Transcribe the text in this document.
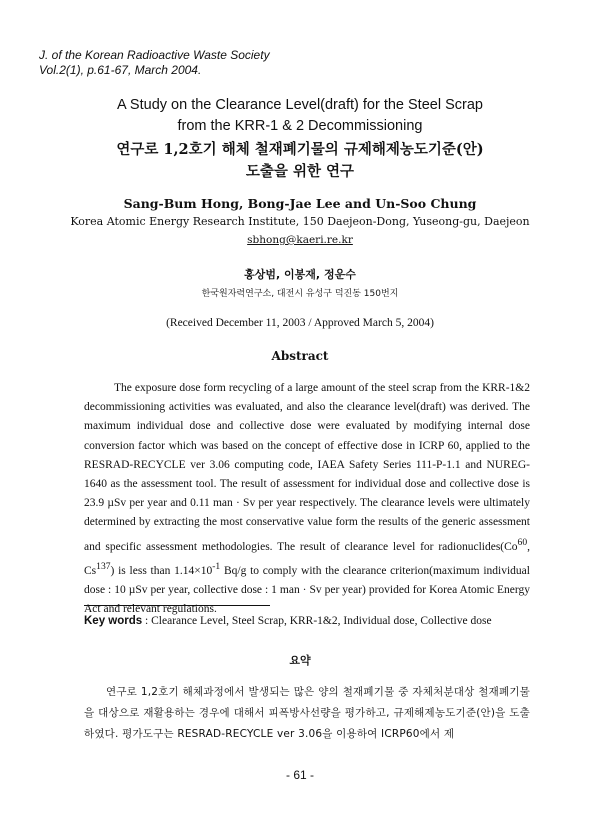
J. of the Korean Radioactive Waste Society
Vol.2(1), p.61-67, March 2004.
A Study on the Clearance Level(draft) for the Steel Scrap
from the KRR-1 & 2 Decommissioning
연구로 1,2호기 해체 철재폐기물의 규제해제농도기준(안)
도출을 위한 연구
Sang-Bum Hong, Bong-Jae Lee and Un-Soo Chung
Korea Atomic Energy Research Institute, 150 Daejeon-Dong, Yuseong-gu, Daejeon
sbhong@kaeri.re.kr
홍상범, 이봉재, 정운수
한국원자력연구소, 대전시 유성구 덕진동 150번지
(Received December 11, 2003 / Approved March 5, 2004)
Abstract

The exposure dose form recycling of a large amount of the steel scrap from the KRR-1&2 decommissioning activities was evaluated, and also the clearance level(draft) was derived. The maximum individual dose and collective dose were evaluated by modifying internal dose conversion factor which was based on the concept of effective dose in ICRP 60, applied to the RESRAD-RECYCLE ver 3.06 computing code, IAEA Safety Series 111-P-1.1 and NUREG-1640 as the assessment tool. The result of assessment for individual dose and collective dose is 23.9 µSv per year and 0.11 man · Sv per year respectively. The clearance levels were ultimately determined by extracting the most conservative value form the results of the generic assessment and specific assessment methodologies. The result of clearance level for radionuclides(Co$^{60}$, Cs$^{137}$) is less than $1.14\times 10^{-1}$ Bq/g to comply with the clearance criterion(maximum individual dose : 10 µSv per year, collective dose : 1 man · Sv per year) provided for Korea Atomic Energy Act and relevant regulations.

Key words : Clearance Level, Steel Scrap, KRR-1&2, Individual dose, Collective dose
요약

연구로 1,2호기 해체과정에서 발생되는 많은 양의 철재폐기물 중 자체처분대상 철재폐기물을 대상으로 재활용하는 경우에 대해서 피폭방사선량을 평가하고, 규제해제농도기준(안)을 도출하였다. 평가도구는 RESRAD-RECYCLE ver 3.06을 이용하여 ICRP60에서 제

- 61 -
